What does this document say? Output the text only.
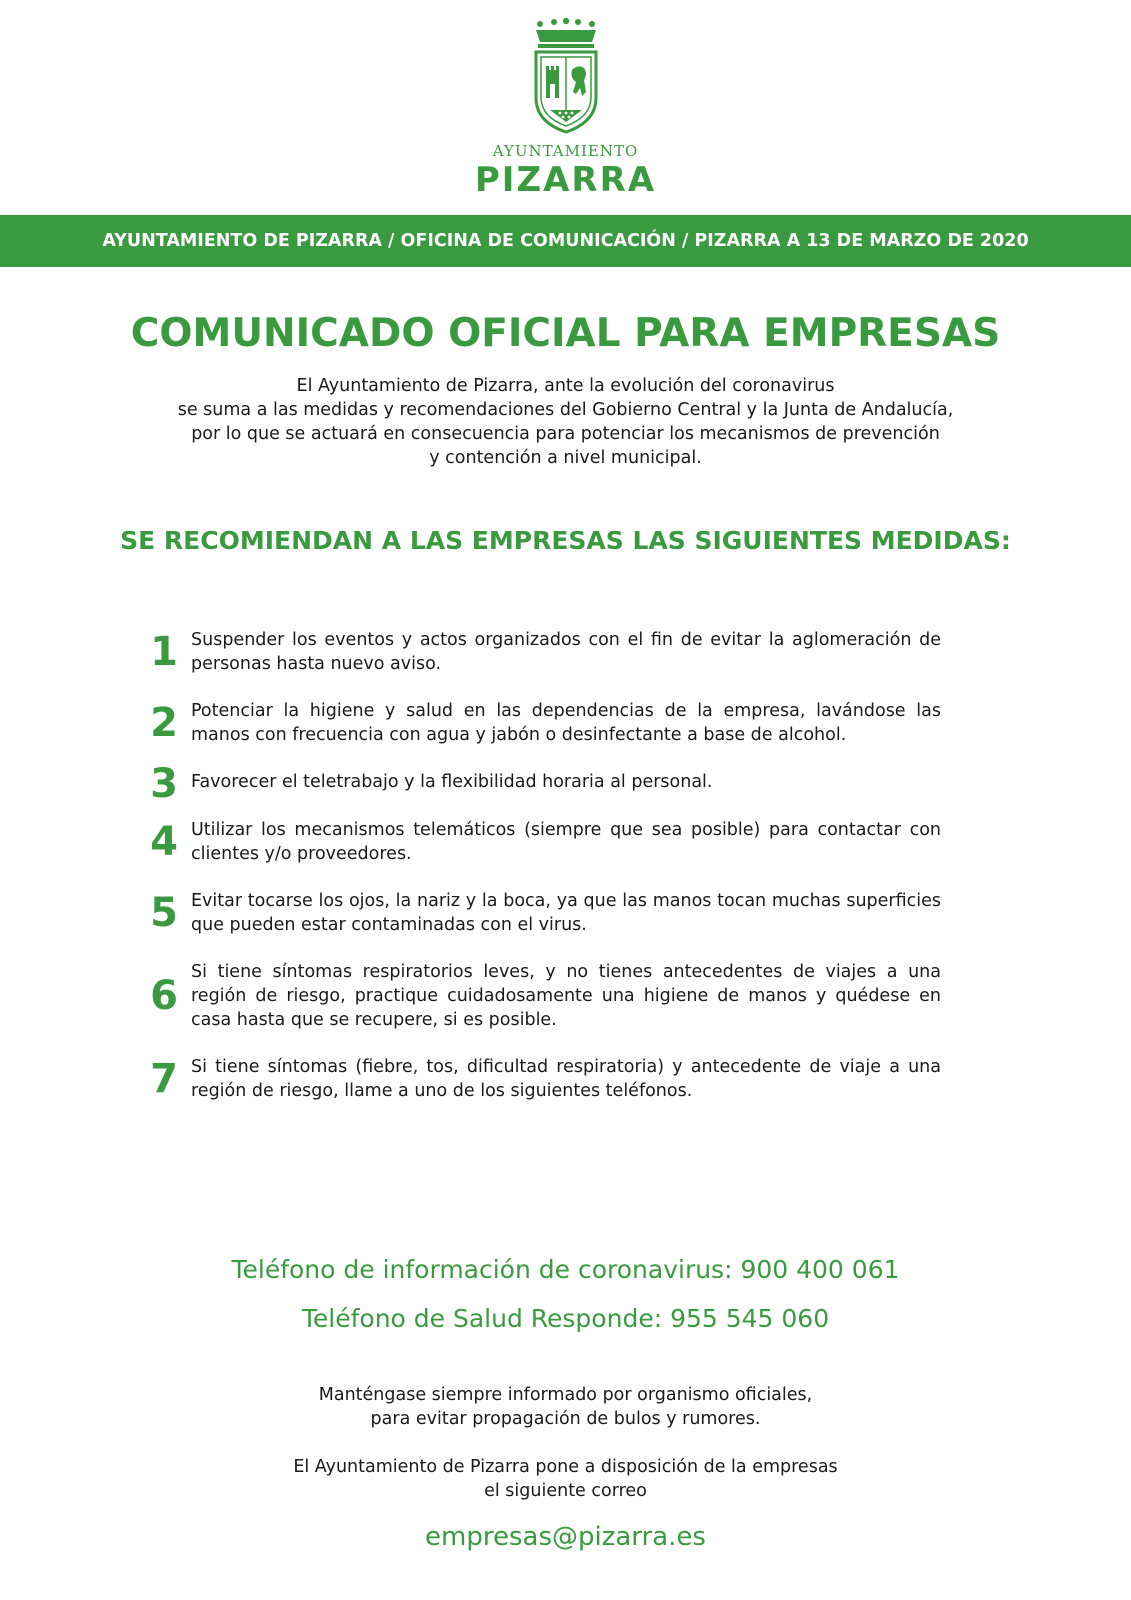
AYUNTAMIENTO
PIZARRA
AYUNTAMIENTO DE PIZARRA / OFICINA DE COMUNICACIÓN / PIZARRA A 13 DE MARZO DE 2020
COMUNICADO OFICIAL PARA EMPRESAS
El Ayuntamiento de Pizarra, ante la evolución del coronavirus
se suma a las medidas y recomendaciones del Gobierno Central y la Junta de Andalucía,
por lo que se actuará en consecuencia para potenciar los mecanismos de prevención
y contención a nivel municipal.
SE RECOMIENDAN A LAS EMPRESAS LAS SIGUIENTES MEDIDAS:
1 Suspender los eventos y actos organizados con el fin de evitar la aglomeración de personas hasta nuevo aviso.
2 Potenciar la higiene y salud en las dependencias de la empresa, lavándose las manos con frecuencia con agua y jabón o desinfectante a base de alcohol.
3 Favorecer el teletrabajo y la flexibilidad horaria al personal.
4 Utilizar los mecanismos telemáticos (siempre que sea posible) para contactar con clientes y/o proveedores.
5 Evitar tocarse los ojos, la nariz y la boca, ya que las manos tocan muchas superficies que pueden estar contaminadas con el virus.
6
Si tiene síntomas respiratorios leves, y no tienes antecedentes de viajes a una región de riesgo, practique cuidadosamente una higiene de manos y quédese en casa hasta que se recupere, si es posible.
7 Si tiene síntomas (fiebre, tos, dificultad respiratoria) y antecedente de viaje a una región de riesgo, llame a uno de los siguientes teléfonos.
Teléfono de información de coronavirus: 900 400 061
Teléfono de Salud Responde: 955 545 060
Manténgase siempre informado por organismo oficiales,
para evitar propagación de bulos y rumores.
El Ayuntamiento de Pizarra pone a disposición de la empresas
el siguiente correo
empresas@pizarra.es
